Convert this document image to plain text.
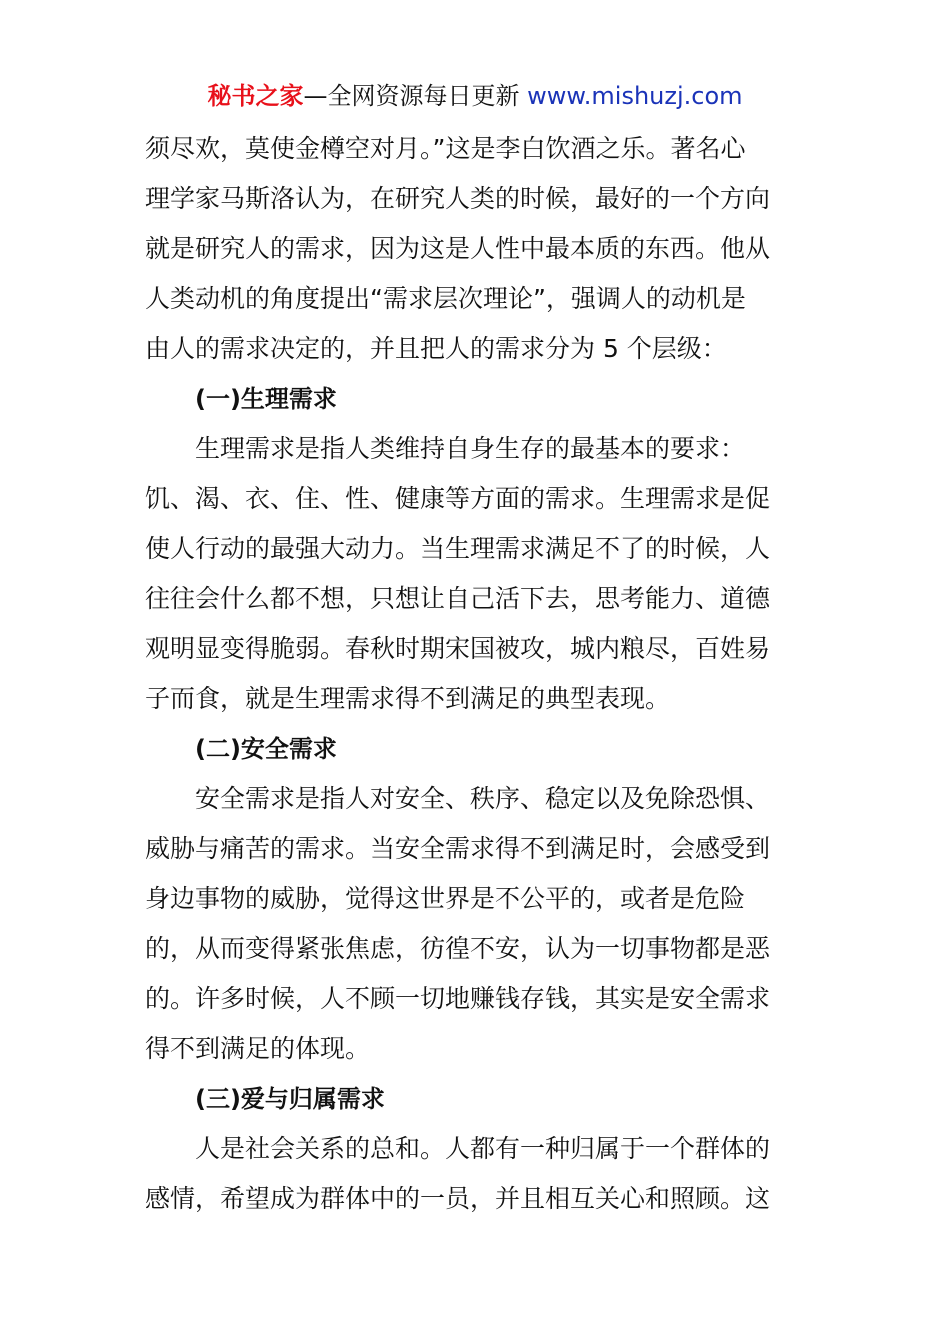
秘书之家—全网资源每日更新 www.mishuzj.com
须尽欢，莫使金樽空对月。”这是李白饮酒之乐。著名心
理学家马斯洛认为，在研究人类的时候，最好的一个方向
就是研究人的需求，因为这是人性中最本质的东西。他从
人类动机的角度提出“需求层次理论”，强调人的动机是
由人的需求决定的，并且把人的需求分为 5 个层级：
(一)生理需求
生理需求是指人类维持自身生存的最基本的要求：
饥、渴、衣、住、性、健康等方面的需求。生理需求是促
使人行动的最强大动力。当生理需求满足不了的时候，人
往往会什么都不想，只想让自己活下去，思考能力、道德
观明显变得脆弱。春秋时期宋国被攻，城内粮尽，百姓易
子而食，就是生理需求得不到满足的典型表现。
(二)安全需求
安全需求是指人对安全、秩序、稳定以及免除恐惧、
威胁与痛苦的需求。当安全需求得不到满足时，会感受到
身边事物的威胁，觉得这世界是不公平的，或者是危险
的，从而变得紧张焦虑，彷徨不安，认为一切事物都是恶
的。许多时候，人不顾一切地赚钱存钱，其实是安全需求
得不到满足的体现。
(三)爱与归属需求
人是社会关系的总和。人都有一种归属于一个群体的
感情，希望成为群体中的一员，并且相互关心和照顾。这
